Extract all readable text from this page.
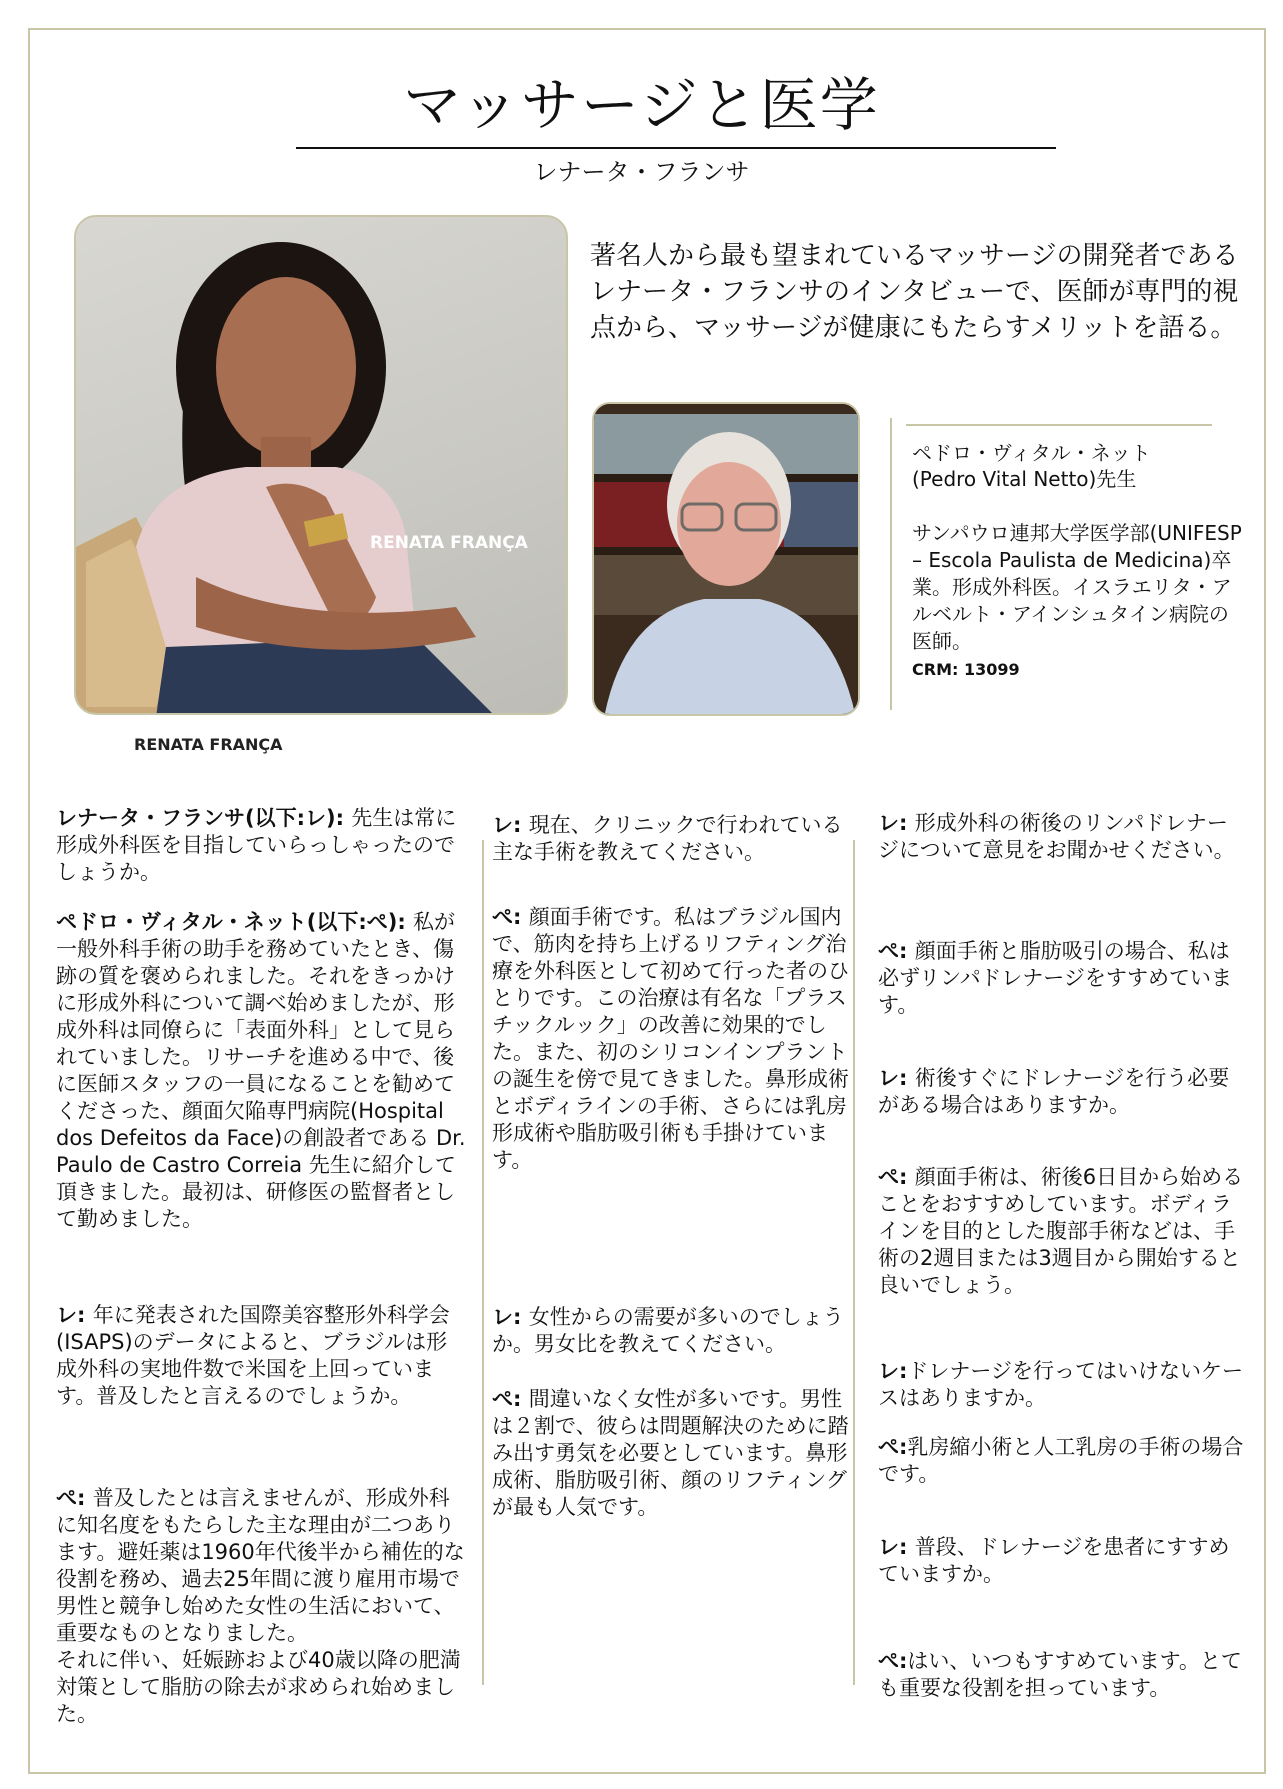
マッサージと医学
レナータ・フランサ
RENATA FRANÇA
RENATA FRANÇA
著名人から最も望まれているマッサージの開発者であるレナータ・フランサのインタビューで、医師が専門的視点から、マッサージが健康にもたらすメリットを語る。
ペドロ・ヴィタル・ネット
(Pedro Vital Netto)先生
サンパウロ連邦大学医学部(UNIFESP – Escola Paulista de Medicina)卒業。形成外科医。イスラエリタ・アルベルト・アインシュタイン病院の医師。
CRM: 13099

レナータ・フランサ(以下:レ): 先生は常に形成外科医を目指していらっしゃったのでしょうか。

ペドロ・ヴィタル・ネット(以下:ぺ): 私が一般外科手術の助手を務めていたとき、傷跡の質を褒められました。それをきっかけに形成外科について調べ始めましたが、形成外科は同僚らに「表面外科」として見られていました。リサーチを進める中で、後に医師スタッフの一員になることを勧めてくださった、顔面欠陥専門病院(Hospital dos Defeitos da Face)の創設者である Dr. Paulo de Castro Correia 先生に紹介して頂きました。最初は、研修医の監督者として勤めました。

レ: 年に発表された国際美容整形外科学会(ISAPS)のデータによると、ブラジルは形成外科の実地件数で米国を上回っています。普及したと言えるのでしょうか。

ぺ: 普及したとは言えませんが、形成外科に知名度をもたらした主な理由が二つあります。避妊薬は1960年代後半から補佐的な役割を務め、過去25年間に渡り雇用市場で男性と競争し始めた女性の生活において、重要なものとなりました。
それに伴い、妊娠跡および40歳以降の肥満対策として脂肪の除去が求められ始めました。

レ: 現在、クリニックで行われている主な手術を教えてください。

ぺ: 顔面手術です。私はブラジル国内で、筋肉を持ち上げるリフティング治療を外科医として初めて行った者のひとりです。この治療は有名な「プラスチックルック」の改善に効果的でした。また、初のシリコンインプラントの誕生を傍で見てきました。鼻形成術とボディラインの手術、さらには乳房形成術や脂肪吸引術も手掛けています。

レ: 女性からの需要が多いのでしょうか。男女比を教えてください。

ぺ: 間違いなく女性が多いです。男性は２割で、彼らは問題解決のために踏み出す勇気を必要としています。鼻形成術、脂肪吸引術、顔のリフティングが最も人気です。

レ: 形成外科の術後のリンパドレナージについて意見をお聞かせください。

ぺ: 顔面手術と脂肪吸引の場合、私は必ずリンパドレナージをすすめています。

レ: 術後すぐにドレナージを行う必要がある場合はありますか。

ぺ: 顔面手術は、術後6日目から始めることをおすすめしています。ボディラインを目的とした腹部手術などは、手術の2週目または3週目から開始すると良いでしょう。

レ:ドレナージを行ってはいけないケースはありますか。

ぺ:乳房縮小術と人工乳房の手術の場合です。

レ: 普段、ドレナージを患者にすすめていますか。

ぺ:はい、いつもすすめています。とても重要な役割を担っています。
